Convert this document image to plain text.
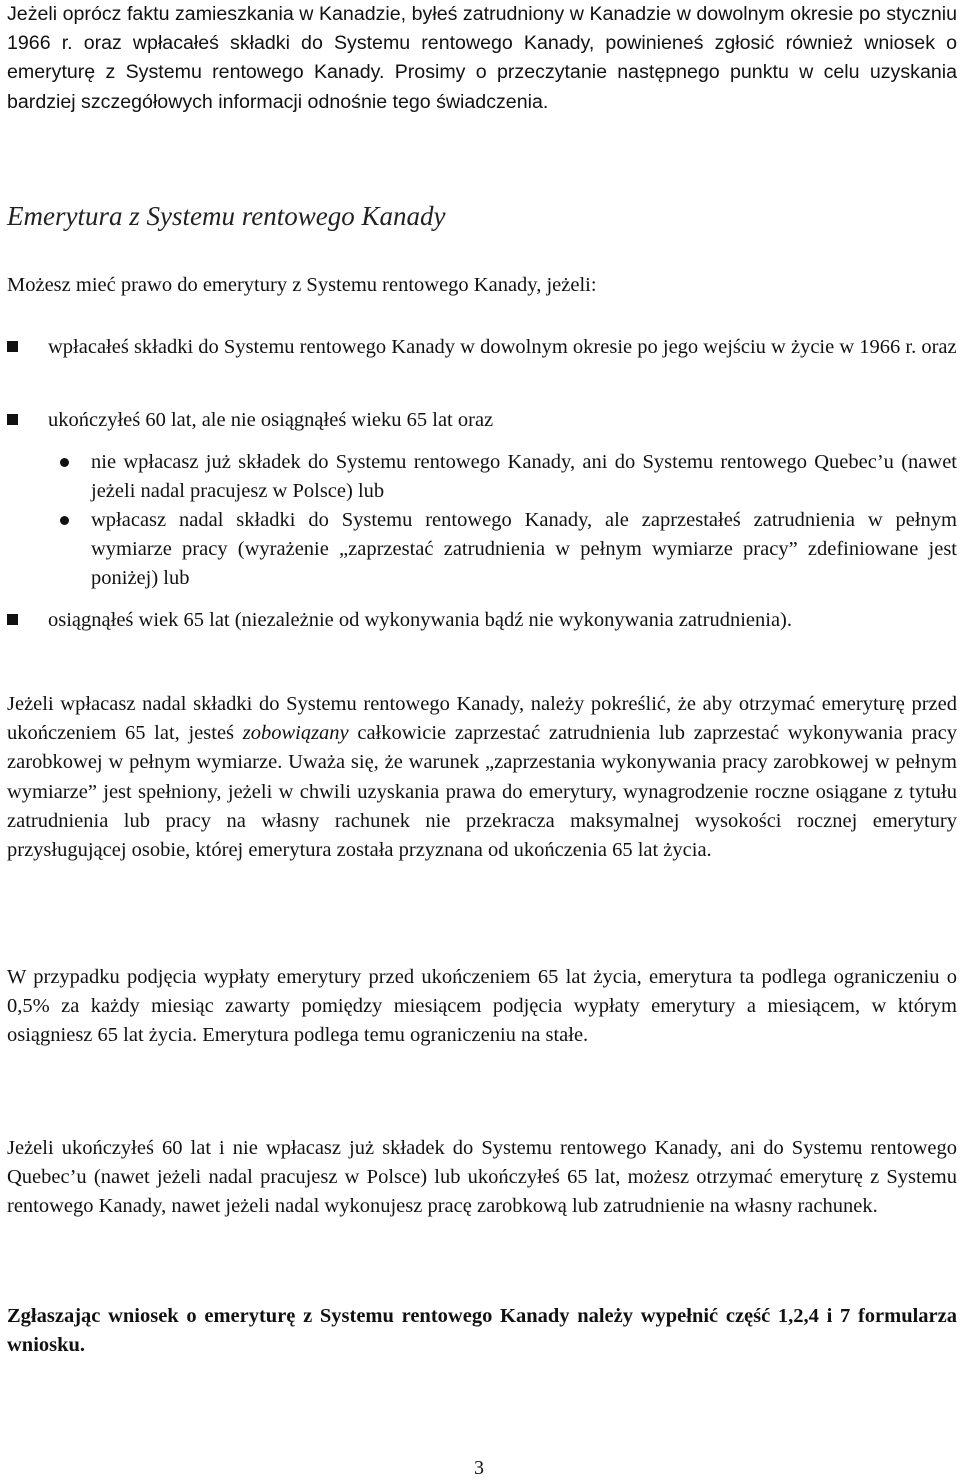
Jeżeli oprócz faktu zamieszkania w Kanadzie, byłeś zatrudniony w Kanadzie w dowolnym okresie po styczniu 1966 r. oraz wpłacałeś składki do Systemu rentowego Kanady, powinieneś zgłosić również wniosek o emeryturę z Systemu rentowego Kanady. Prosimy o przeczytanie następnego punktu w celu uzyskania bardziej szczegółowych informacji odnośnie tego świadczenia.

Emerytura z Systemu rentowego Kanady

Możesz mieć prawo do emerytury z Systemu rentowego Kanady, jeżeli:

wpłacałeś składki do Systemu rentowego Kanady w dowolnym okresie po jego wejściu w życie w 1966 r. oraz

ukończyłeś 60 lat, ale nie osiągnąłeś wieku 65 lat oraz

nie wpłacasz już składek do Systemu rentowego Kanady, ani do Systemu rentowego Quebec’u (nawet jeżeli nadal pracujesz w Polsce) lub

wpłacasz nadal składki do Systemu rentowego Kanady, ale zaprzestałeś zatrudnienia w pełnym wymiarze pracy (wyrażenie „zaprzestać zatrudnienia w pełnym wymiarze pracy” zdefiniowane jest poniżej) lub

osiągnąłeś wiek 65 lat (niezależnie od wykonywania bądź nie wykonywania zatrudnienia).

Jeżeli wpłacasz nadal składki do Systemu rentowego Kanady, należy pokreślić, że aby otrzymać emeryturę przed ukończeniem 65 lat, jesteś zobowiązany całkowicie zaprzestać zatrudnienia lub zaprzestać wykonywania pracy zarobkowej w pełnym wymiarze. Uważa się, że warunek „zaprzestania wykonywania pracy zarobkowej w pełnym wymiarze” jest spełniony, jeżeli w chwili uzyskania prawa do emerytury, wynagrodzenie roczne osiągane z tytułu zatrudnienia lub pracy na własny rachunek nie przekracza maksymalnej wysokości rocznej emerytury przysługującej osobie, której emerytura została przyznana od ukończenia 65 lat życia.

W przypadku podjęcia wypłaty emerytury przed ukończeniem 65 lat życia, emerytura ta podlega ograniczeniu o 0,5% za każdy miesiąc zawarty pomiędzy miesiącem podjęcia wypłaty emerytury a miesiącem, w którym osiągniesz 65 lat życia. Emerytura podlega temu ograniczeniu na stałe.

Jeżeli ukończyłeś 60 lat i nie wpłacasz już składek do Systemu rentowego Kanady, ani do Systemu rentowego Quebec’u (nawet jeżeli nadal pracujesz w Polsce) lub ukończyłeś 65 lat, możesz otrzymać emeryturę z Systemu rentowego Kanady, nawet jeżeli nadal wykonujesz pracę zarobkową lub zatrudnienie na własny rachunek.

Zgłaszając wniosek o emeryturę z Systemu rentowego Kanady należy wypełnić część 1,2,4 i 7 formularza wniosku.

3
